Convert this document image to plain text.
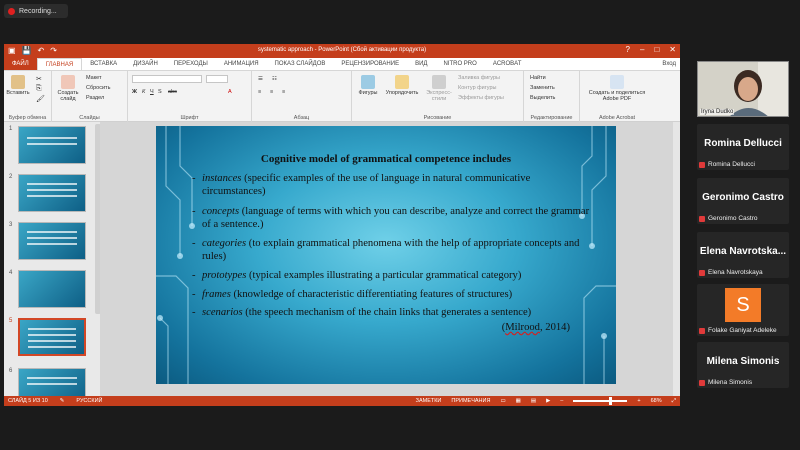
Recording...
▣ 💾 ↶ ↷	systematic approach - PowerPoint (Сбой активации продукта)	? – □ ✕
ФАЙЛ	ГЛАВНАЯ	ВСТАВКА	ДИЗАЙН	ПЕРЕХОДЫ	АНИМАЦИЯ	ПОКАЗ СЛАЙДОВ	РЕЦЕНЗИРОВАНИЕ	ВИД	NITRO PRO	ACROBAT	Вход
Вставить
✂
⎘
🖌
Буфер обмена
Создать слайд
Макет
Сбросить
Раздел
Слайды
Ж К Ч S abc	A
Шрифт
☰ ☷
≡ ≡ ≡
Абзац
Фигуры	Упорядочить	Экспресс-стили
Заливка фигуры
Контур фигуры
Эффекты фигуры
Рисование
Найти
Заменить
Выделить
Редактирование
Создать и поделиться Adobe PDF
Adobe Acrobat
1
2
3
4
5
6
СЛАЙД 5 ИЗ 10 ✎ РУССКИЙ	ЗАМЕТКИ ПРИМЕЧАНИЯ ▭ ▦ ▤ ▶ –	+ 68% ⤢
Cognitive model of grammatical competence includes
- instances (specific examples of the use of language in natural communicative circumstances)
- concepts (language of terms with which you can describe, analyze and correct the grammar of a sentence.)
- categories (to explain grammatical phenomena with the help of appropriate concepts and rules)
- prototypes (typical examples illustrating a particular grammatical category)
- frames (knowledge of characteristic differentiating features of structures)
- scenarios (the speech mechanism of the chain links that generates a sentence)
(Milrood, 2014)
Iryna Dudko
Romina Dellucci
Romina Dellucci
Geronimo Castro
Geronimo Castro
Elena Navrotska...
Elena Navrotskaya
S
Folake Ganiyat Adeleke
Milena Simonis
Milena Simonis
